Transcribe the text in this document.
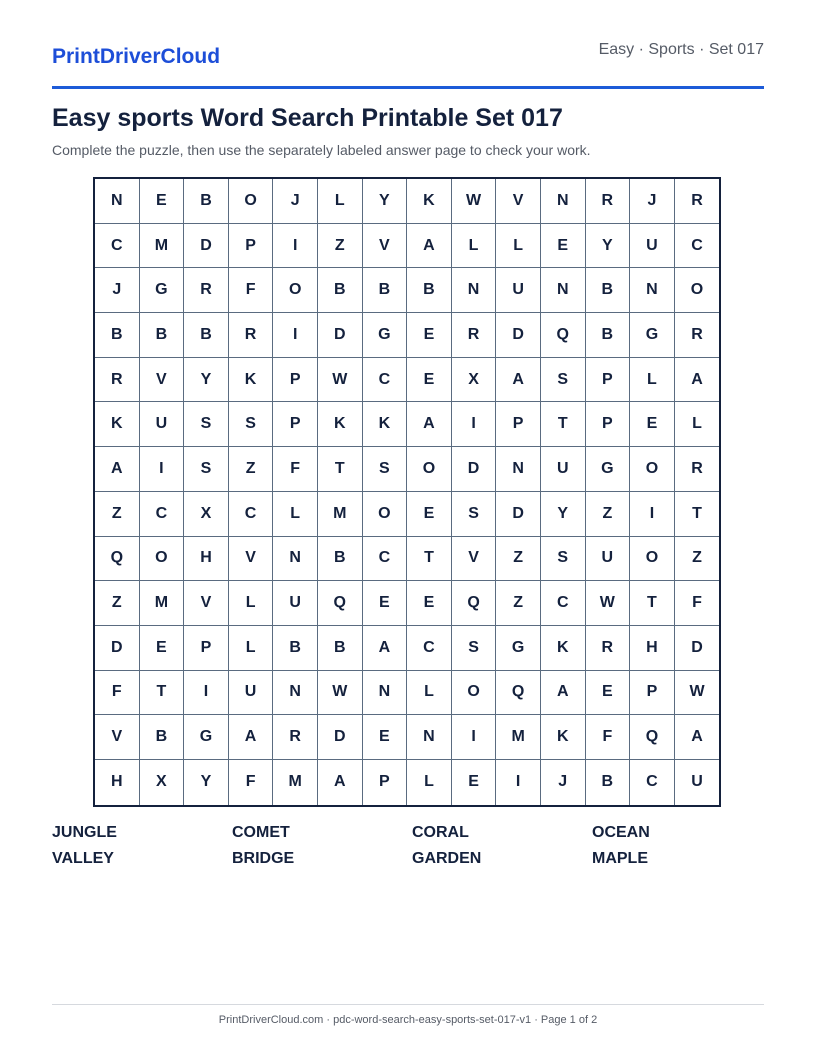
PrintDriverCloud	Easy · Sports · Set 017
Easy sports Word Search Printable Set 017
Complete the puzzle, then use the separately labeled answer page to check your work.
N	E	B	O	J	L	Y	K	W	V	N	R	J	R
C	M	D	P	I	Z	V	A	L	L	E	Y	U	C
J	G	R	F	O	B	B	B	N	U	N	B	N	O
B	B	B	R	I	D	G	E	R	D	Q	B	G	R
R	V	Y	K	P	W	C	E	X	A	S	P	L	A
K	U	S	S	P	K	K	A	I	P	T	P	E	L
A	I	S	Z	F	T	S	O	D	N	U	G	O	R
Z	C	X	C	L	M	O	E	S	D	Y	Z	I	T
Q	O	H	V	N	B	C	T	V	Z	S	U	O	Z
Z	M	V	L	U	Q	E	E	Q	Z	C	W	T	F
D	E	P	L	B	B	A	C	S	G	K	R	H	D
F	T	I	U	N	W	N	L	O	Q	A	E	P	W
V	B	G	A	R	D	E	N	I	M	K	F	Q	A
H	X	Y	F	M	A	P	L	E	I	J	B	C	U
JUNGLE	COMET	CORAL	OCEAN
VALLEY	BRIDGE	GARDEN	MAPLE
PrintDriverCloud.com · pdc-word-search-easy-sports-set-017-v1 · Page 1 of 2
